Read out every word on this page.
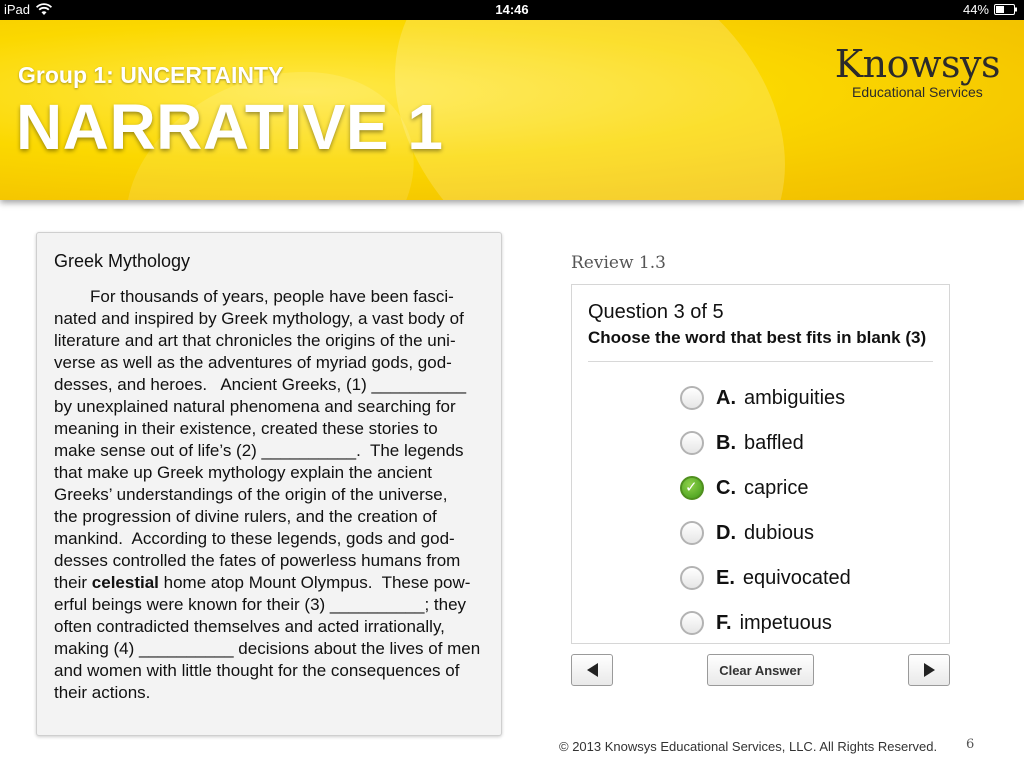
iPad	14:46	44%
Group 1: UNCERTAINTY
NARRATIVE 1
Knowsys
Educational Services
Greek Mythology
For thousands of years, people have been fasci-
nated and inspired by Greek mythology, a vast body of
literature and art that chronicles the origins of the uni-
verse as well as the adventures of myriad gods, god-
desses, and heroes.   Ancient Greeks, (1) __________
by unexplained natural phenomena and searching for
meaning in their existence, created these stories to
make sense out of life’s (2) __________.  The legends
that make up Greek mythology explain the ancient
Greeks’ understandings of the origin of the universe,
the progression of divine rulers, and the creation of
mankind.  According to these legends, gods and god-
desses controlled the fates of powerless humans from
their celestial home atop Mount Olympus.  These pow-
erful beings were known for their (3) __________; they
often contradicted themselves and acted irrationally,
making (4) __________ decisions about the lives of men
and women with little thought for the consequences of
their actions.
Review 1.3
Question 3 of 5
Choose the word that best fits in blank (3)
A. ambiguities
B. baffled
✓ C. caprice
D. dubious
E. equivocated
F. impetuous
Clear Answer
© 2013 Knowsys Educational Services, LLC. All Rights Reserved. 6
